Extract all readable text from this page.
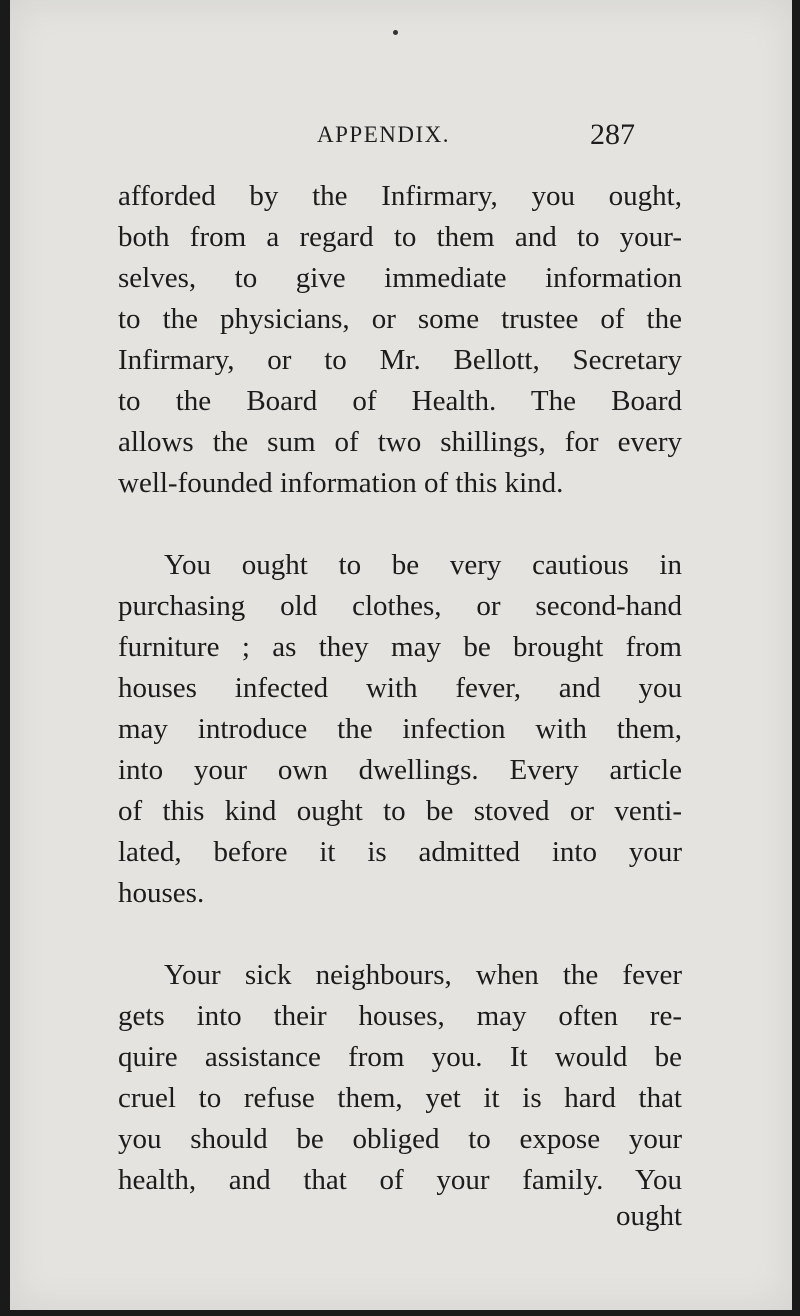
APPENDIX.	287

afforded by the Infirmary, you ought,
both from a regard to them and to your-
selves, to give immediate information
to the physicians, or some trustee of the
Infirmary, or to Mr. Bellott, Secretary
to the Board of Health. The Board
allows the sum of two shillings, for every
well-founded information of this kind.

You ought to be very cautious in
purchasing old clothes, or second-hand
furniture ; as they may be brought from
houses infected with fever, and you
may introduce the infection with them,
into your own dwellings. Every article
of this kind ought to be stoved or venti-
lated, before it is admitted into your
houses.

Your sick neighbours, when the fever
gets into their houses, may often re-
quire assistance from you. It would be
cruel to refuse them, yet it is hard that
you should be obliged to expose your
health, and that of your family. You

ought
